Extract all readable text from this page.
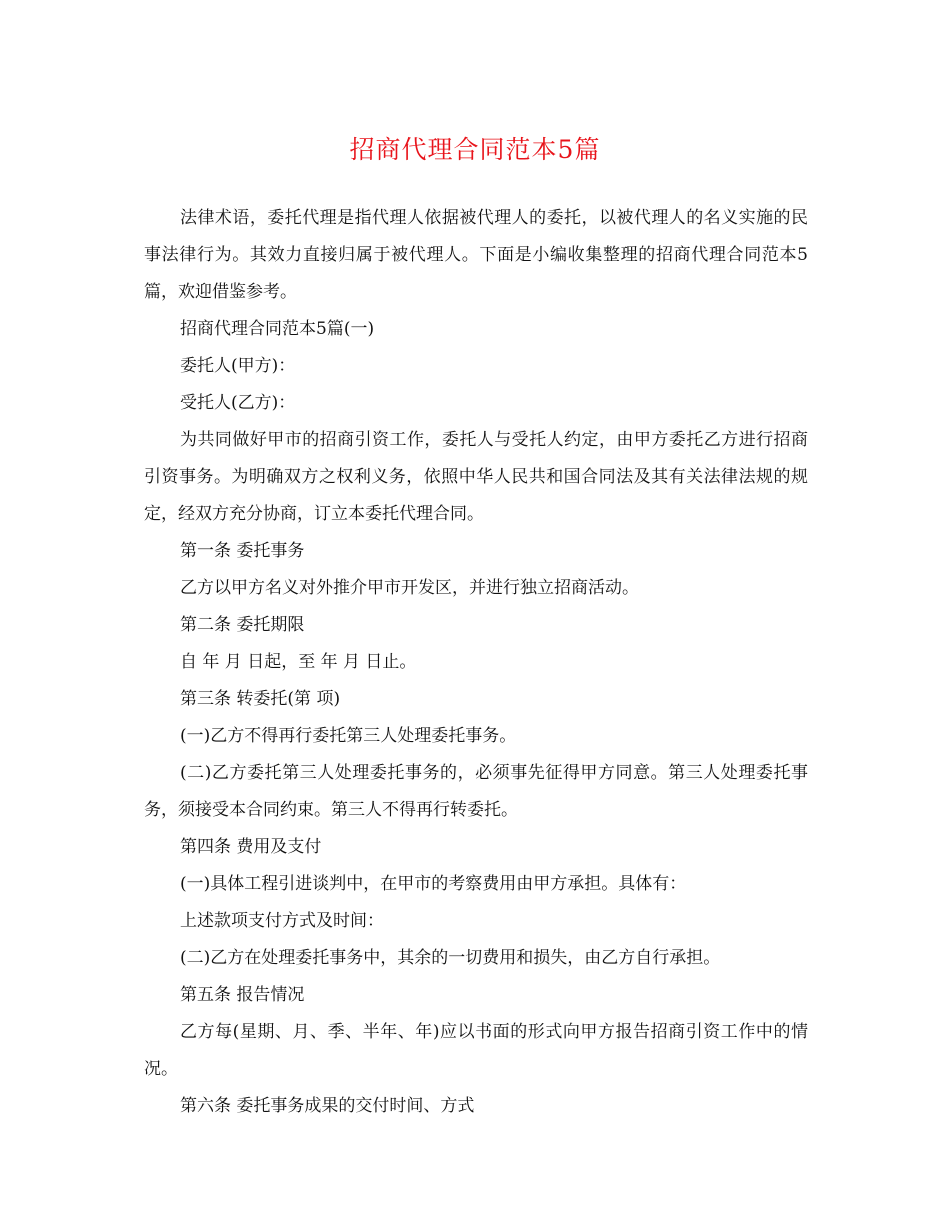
招商代理合同范本5篇

法律术语，委托代理是指代理人依据被代理人的委托，以被代理人的名义实施的民事法律行为。其效力直接归属于被代理人。下面是小编收集整理的招商代理合同范本5篇，欢迎借鉴参考。

招商代理合同范本5篇(一)

委托人(甲方)：

受托人(乙方)：

为共同做好甲市的招商引资工作，委托人与受托人约定，由甲方委托乙方进行招商引资事务。为明确双方之权利义务，依照中华人民共和国合同法及其有关法律法规的规定，经双方充分协商，订立本委托代理合同。

第一条 委托事务

乙方以甲方名义对外推介甲市开发区，并进行独立招商活动。

第二条 委托期限

自 年 月 日起，至 年 月 日止。

第三条 转委托(第 项)

(一)乙方不得再行委托第三人处理委托事务。

(二)乙方委托第三人处理委托事务的，必须事先征得甲方同意。第三人处理委托事务，须接受本合同约束。第三人不得再行转委托。

第四条 费用及支付

(一)具体工程引进谈判中，在甲市的考察费用由甲方承担。具体有：

上述款项支付方式及时间：

(二)乙方在处理委托事务中，其余的一切费用和损失，由乙方自行承担。

第五条 报告情况

乙方每(星期、月、季、半年、年)应以书面的形式向甲方报告招商引资工作中的情况。

第六条 委托事务成果的交付时间、方式
